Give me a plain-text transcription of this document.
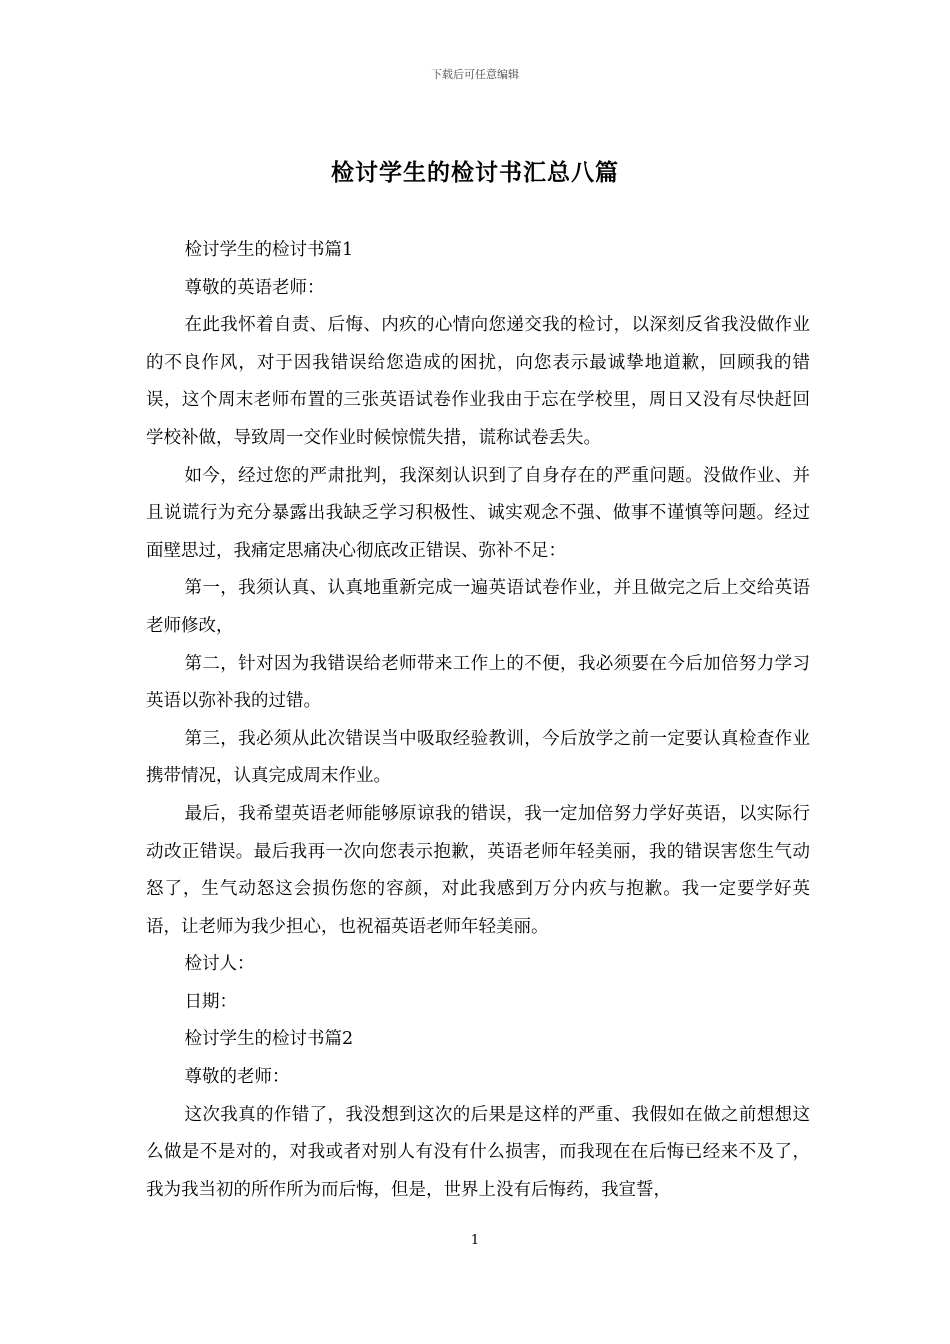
下载后可任意编辑
检讨学生的检讨书汇总八篇

检讨学生的检讨书篇1

尊敬的英语老师：

在此我怀着自责、后悔、内疚的心情向您递交我的检讨，以深刻反省我没做作业的不良作风，对于因我错误给您造成的困扰，向您表示最诚挚地道歉，回顾我的错误，这个周末老师布置的三张英语试卷作业我由于忘在学校里，周日又没有尽快赶回学校补做，导致周一交作业时候惊慌失措，谎称试卷丢失。

如今，经过您的严肃批判，我深刻认识到了自身存在的严重问题。没做作业、并且说谎行为充分暴露出我缺乏学习积极性、诚实观念不强、做事不谨慎等问题。经过面壁思过，我痛定思痛决心彻底改正错误、弥补不足：

第一，我须认真、认真地重新完成一遍英语试卷作业，并且做完之后上交给英语老师修改，

第二，针对因为我错误给老师带来工作上的不便，我必须要在今后加倍努力学习英语以弥补我的过错。

第三，我必须从此次错误当中吸取经验教训，今后放学之前一定要认真检查作业携带情况，认真完成周末作业。

最后，我希望英语老师能够原谅我的错误，我一定加倍努力学好英语，以实际行动改正错误。最后我再一次向您表示抱歉，英语老师年轻美丽，我的错误害您生气动怒了，生气动怒这会损伤您的容颜，对此我感到万分内疚与抱歉。我一定要学好英语，让老师为我少担心，也祝福英语老师年轻美丽。

检讨人：

日期：

检讨学生的检讨书篇2

尊敬的老师：

这次我真的作错了，我没想到这次的后果是这样的严重、我假如在做之前想想这么做是不是对的，对我或者对别人有没有什么损害，而我现在在后悔已经来不及了，我为我当初的所作所为而后悔，但是，世界上没有后悔药，我宣誓，

1
